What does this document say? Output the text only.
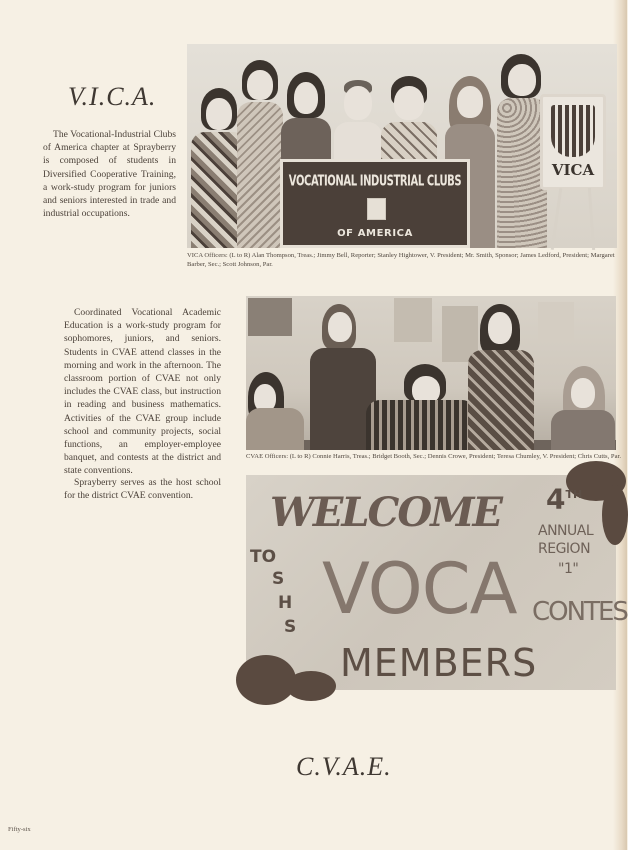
V.I.C.A.

The Vocational-Industrial Clubs of America chapter at Sprayberry is composed of students in Diversified Cooperative Training, a work-study program for juniors and seniors interested in trade and industrial occupations.

VOCATIONAL INDUSTRIAL CLUBS
OF AMERICA
VICA

VICA Officers: (L to R) Alan Thompson, Treas.; Jimmy Bell, Reporter; Stanley Hightower, V. President; Mr. Smith, Sponsor; James Ledford, President; Margaret Barber, Sec.; Scott Johnson, Par.

Coordinated Vocational Academic Education is a work-study program for sophomores, juniors, and seniors. Students in CVAE attend classes in the morning and work in the afternoon. The classroom portion of CVAE not only includes the CVAE class, but instruction in reading and business mathematics. Activities of the CVAE group include school and community projects, social functions, an employer-employee banquet, and contests at the district and state conventions.

CVAE Officers: (L to R) Connie Harris, Treas.; Bridget Booth, Sec.; Dennis Crowe, President; Teresa Chumley, V. President; Chris Cutts, Par.

Sprayberry serves as the host school for the district CVAE convention.	WELCOME
TO
S
H
S VOCA
MEMBERS
4TH
ANNUAL
REGION
"1"
CONTES
C.V.A.E.
Fifty-six
